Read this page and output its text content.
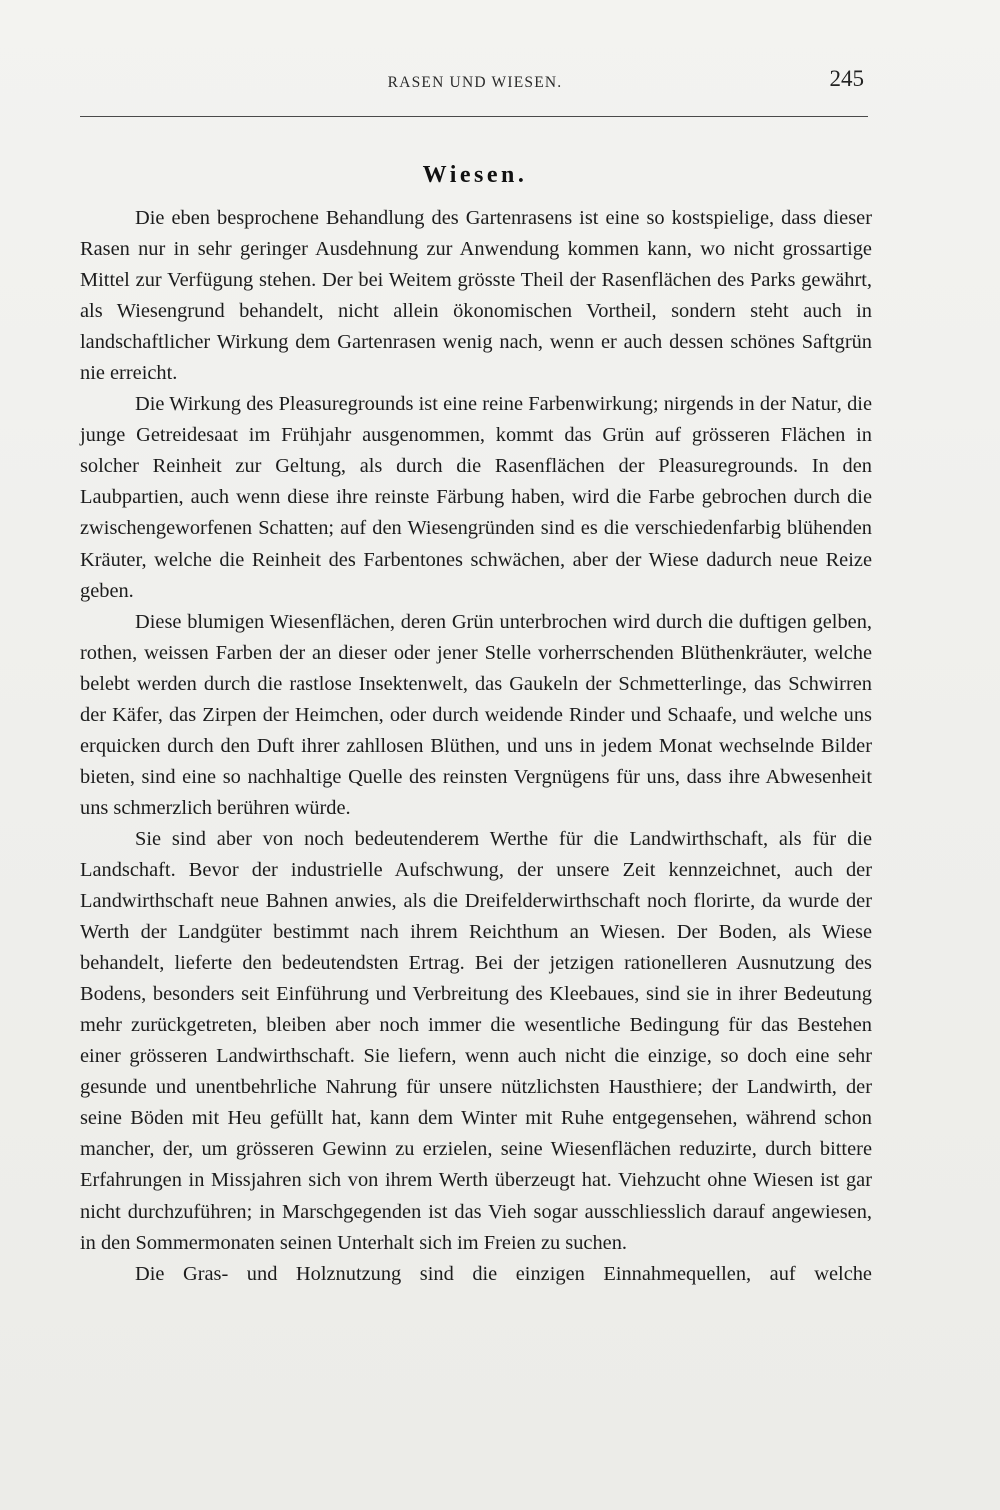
RASEN UND WIESEN.	245
Wiesen.

Die eben besprochene Behandlung des Gartenrasens ist eine so kostspielige, dass dieser Rasen nur in sehr geringer Ausdehnung zur Anwendung kommen kann, wo nicht grossartige Mittel zur Verfügung stehen. Der bei Weitem grösste Theil der Rasenflächen des Parks gewährt, als Wiesengrund behandelt, nicht allein ökonomischen Vortheil, sondern steht auch in landschaftlicher Wirkung dem Gartenrasen wenig nach, wenn er auch dessen schönes Saftgrün nie erreicht.

Die Wirkung des Pleasuregrounds ist eine reine Farbenwirkung; nirgends in der Natur, die junge Getreidesaat im Frühjahr ausgenommen, kommt das Grün auf grösseren Flächen in solcher Reinheit zur Geltung, als durch die Rasenflächen der Pleasuregrounds. In den Laubpartien, auch wenn diese ihre reinste Färbung haben, wird die Farbe gebrochen durch die zwischengeworfenen Schatten; auf den Wiesengründen sind es die verschiedenfarbig blühenden Kräuter, welche die Reinheit des Farbentones schwächen, aber der Wiese dadurch neue Reize geben.

Diese blumigen Wiesenflächen, deren Grün unterbrochen wird durch die duftigen gelben, rothen, weissen Farben der an dieser oder jener Stelle vorherrschenden Blüthenkräuter, welche belebt werden durch die rastlose Insektenwelt, das Gaukeln der Schmetterlinge, das Schwirren der Käfer, das Zirpen der Heimchen, oder durch weidende Rinder und Schaafe, und welche uns erquicken durch den Duft ihrer zahllosen Blüthen, und uns in jedem Monat wechselnde Bilder bieten, sind eine so nachhaltige Quelle des reinsten Vergnügens für uns, dass ihre Abwesenheit uns schmerzlich berühren würde.

Sie sind aber von noch bedeutenderem Werthe für die Landwirthschaft, als für die Landschaft. Bevor der industrielle Aufschwung, der unsere Zeit kennzeichnet, auch der Landwirthschaft neue Bahnen anwies, als die Dreifelderwirthschaft noch florirte, da wurde der Werth der Landgüter bestimmt nach ihrem Reichthum an Wiesen. Der Boden, als Wiese behandelt, lieferte den bedeutendsten Ertrag. Bei der jetzigen rationelleren Ausnutzung des Bodens, besonders seit Einführung und Verbreitung des Kleebaues, sind sie in ihrer Bedeutung mehr zurückgetreten, bleiben aber noch immer die wesentliche Bedingung für das Bestehen einer grösseren Landwirthschaft. Sie liefern, wenn auch nicht die einzige, so doch eine sehr gesunde und unentbehrliche Nahrung für unsere nützlichsten Hausthiere; der Landwirth, der seine Böden mit Heu gefüllt hat, kann dem Winter mit Ruhe entgegensehen, während schon mancher, der, um grösseren Gewinn zu erzielen, seine Wiesenflächen reduzirte, durch bittere Erfahrungen in Missjahren sich von ihrem Werth überzeugt hat. Viehzucht ohne Wiesen ist gar nicht durchzuführen; in Marschgegenden ist das Vieh sogar ausschliesslich darauf angewiesen, in den Sommermonaten seinen Unterhalt sich im Freien zu suchen.

Die Gras- und Holznutzung sind die einzigen Einnahmequellen, auf welche
